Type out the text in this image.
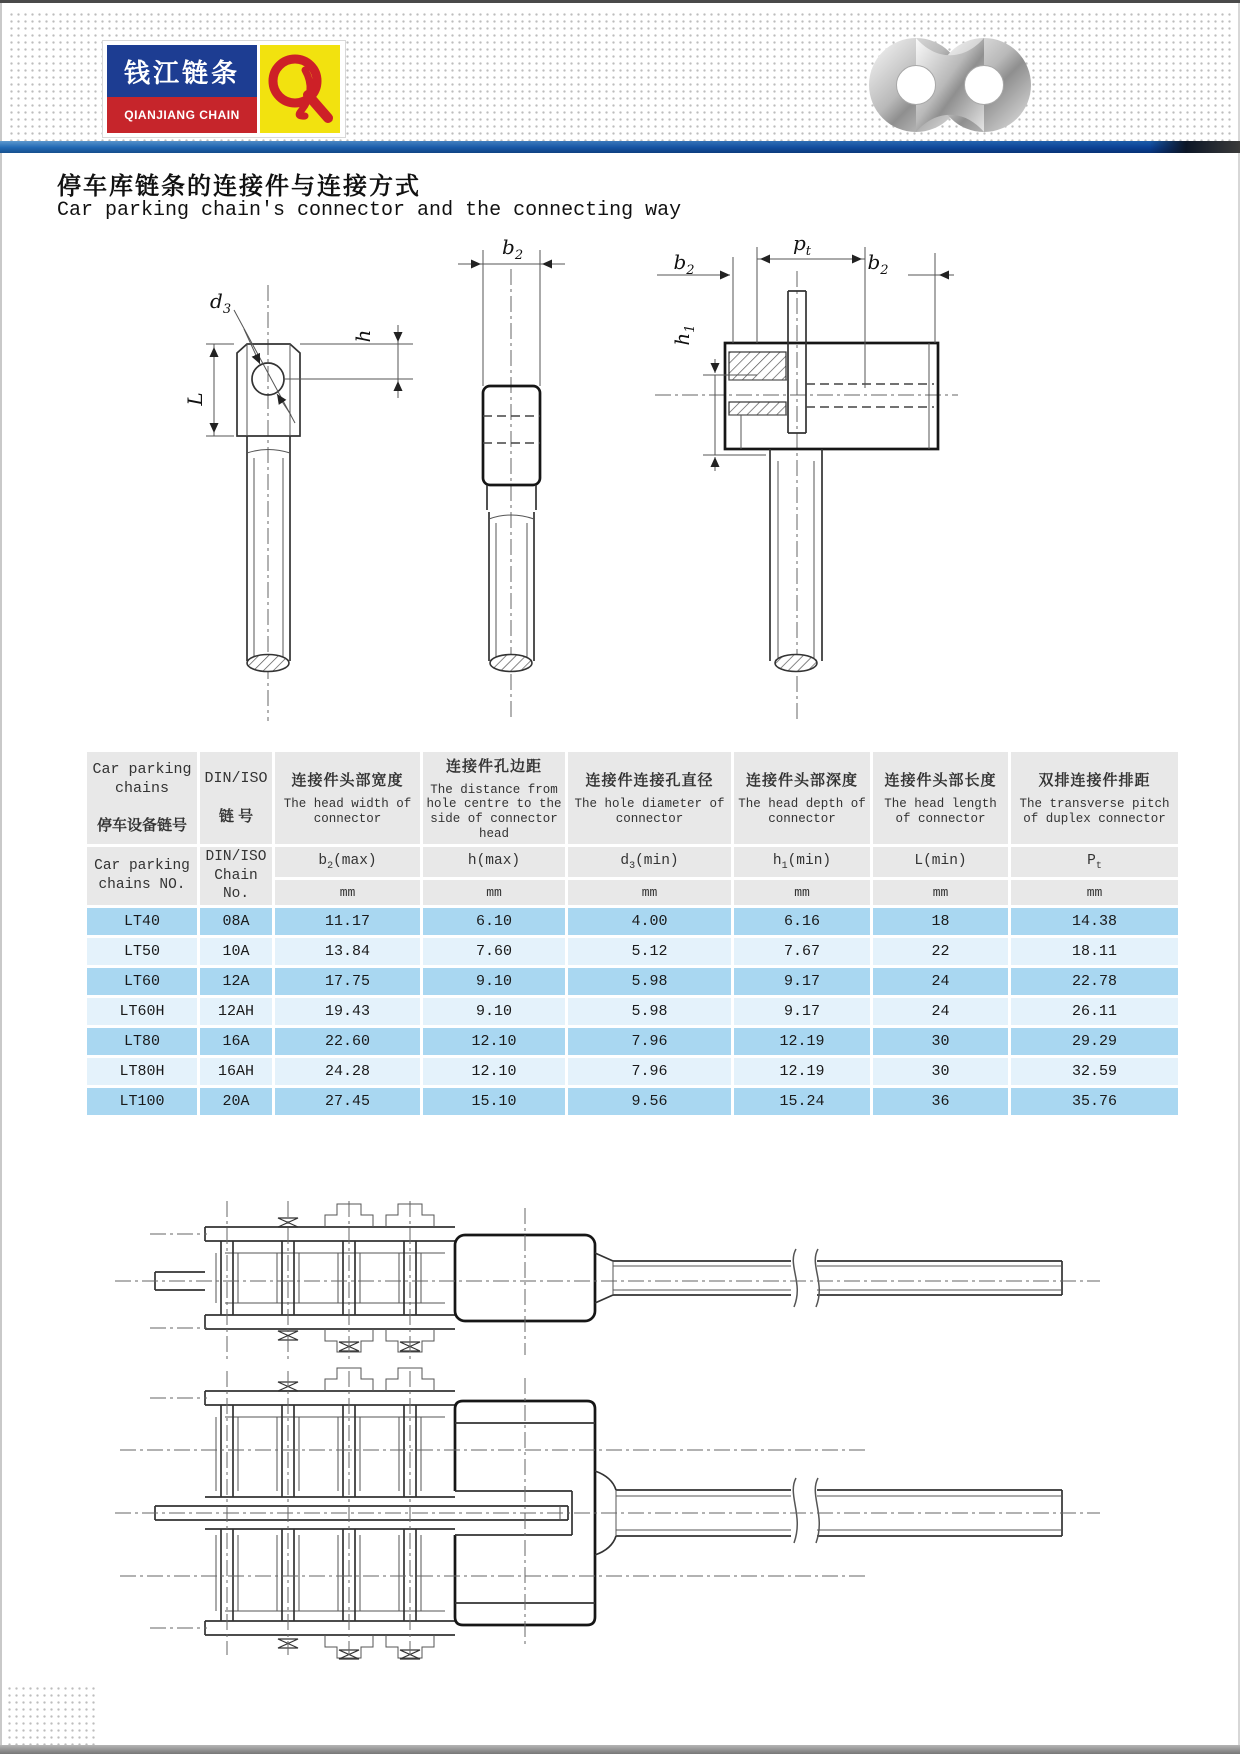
钱江链条
QIANJIANG CHAIN
停车库链条的连接件与连接方式
Car parking chain's connector and the connecting way
$d_3$
L
h
$b_2$
$p_t$
$b_2$	$b_2$
$h_1$
Car parking chains
停车设备链号

DIN/ISO
链 号

连接件头部宽度
The head width of connector

连接件孔边距
The distance from hole centre to the side of connector head

连接件连接孔直径
The hole diameter of connector

连接件头部深度
The head depth of connector

连接件头部长度
The head length of connector

双排连接件排距
The transverse pitch of duplex connector

Car parking chains NO.	DIN/ISO Chain No.	$b_2(\max)$	h(max)	$d_3(\min)$	$h_1(\min)$	L(min)	$P_t$
		mm	mm	mm	mm	mm	mm
LT40	08A	11.17	6.10	4.00	6.16	18	14.38
LT50	10A	13.84	7.60	5.12	7.67	22	18.11
LT60	12A	17.75	9.10	5.98	9.17	24	22.78
LT60H	12AH	19.43	9.10	5.98	9.17	24	26.11
LT80	16A	22.60	12.10	7.96	12.19	30	29.29
LT80H	16AH	24.28	12.10	7.96	12.19	30	32.59
LT100	20A	27.45	15.10	9.56	15.24	36	35.76
